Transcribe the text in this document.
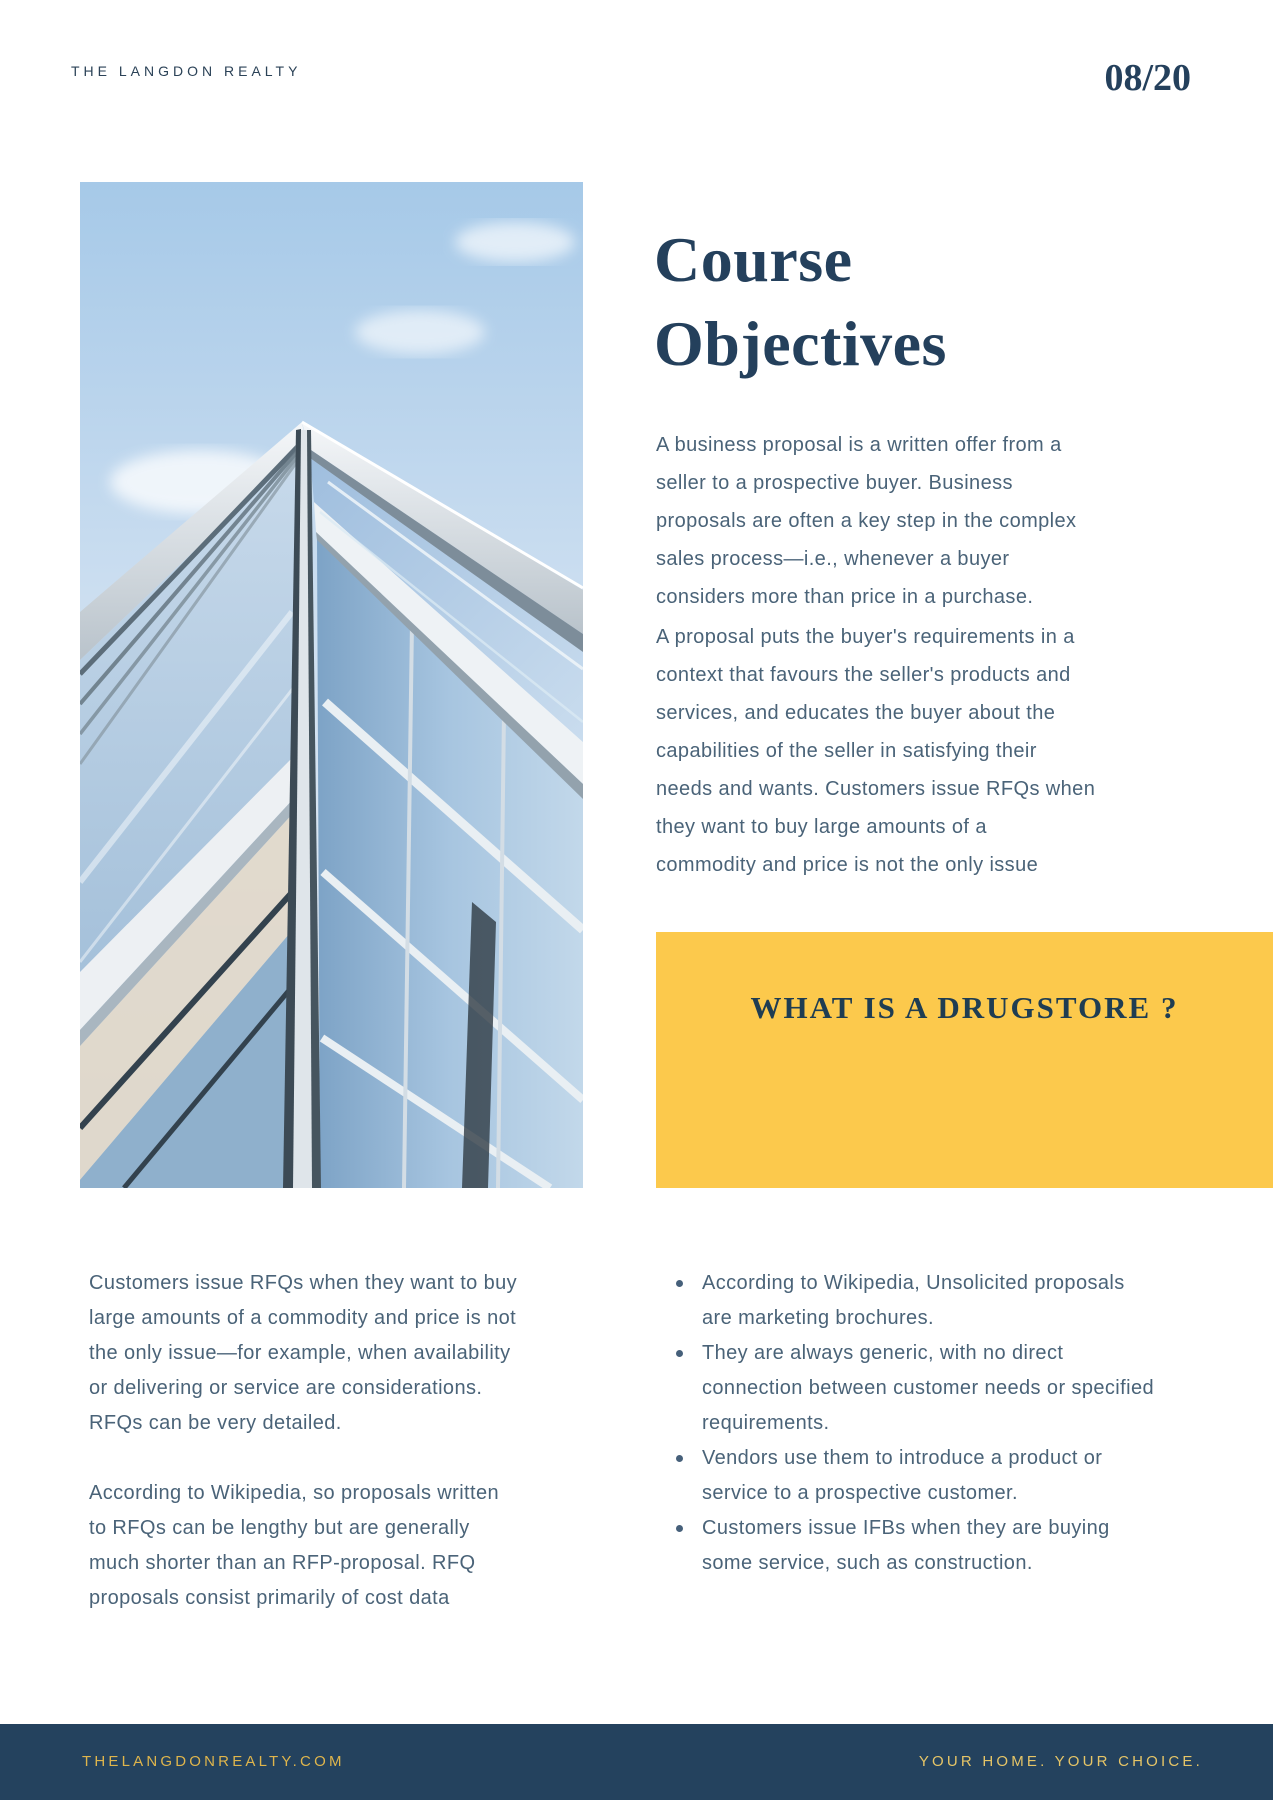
THE LANGDON REALTY	08/20
Course
Objectives
A business proposal is a written offer from a
seller to a prospective buyer. Business
proposals are often a key step in the complex
sales process—i.e., whenever a buyer
considers more than price in a purchase.
A proposal puts the buyer's requirements in a
context that favours the seller's products and
services, and educates the buyer about the
capabilities of the seller in satisfying their
needs and wants. Customers issue RFQs when
they want to buy large amounts of a
commodity and price is not the only issue
WHAT IS A DRUGSTORE ?
Customers issue RFQs when they want to buy
large amounts of a commodity and price is not
the only issue—for example, when availability
or delivering or service are considerations.
RFQs can be very detailed.
According to Wikipedia, so proposals written
to RFQs can be lengthy but are generally
much shorter than an RFP-proposal. RFQ
proposals consist primarily of cost data
According to Wikipedia, Unsolicited proposals are marketing brochures.
They are always generic, with no direct connection between customer needs or specified requirements.
Vendors use them to introduce a product or service to a prospective customer.
Customers issue IFBs when they are buying some service, such as construction.
THELANGDONREALTY.COM	YOUR HOME. YOUR CHOICE.
